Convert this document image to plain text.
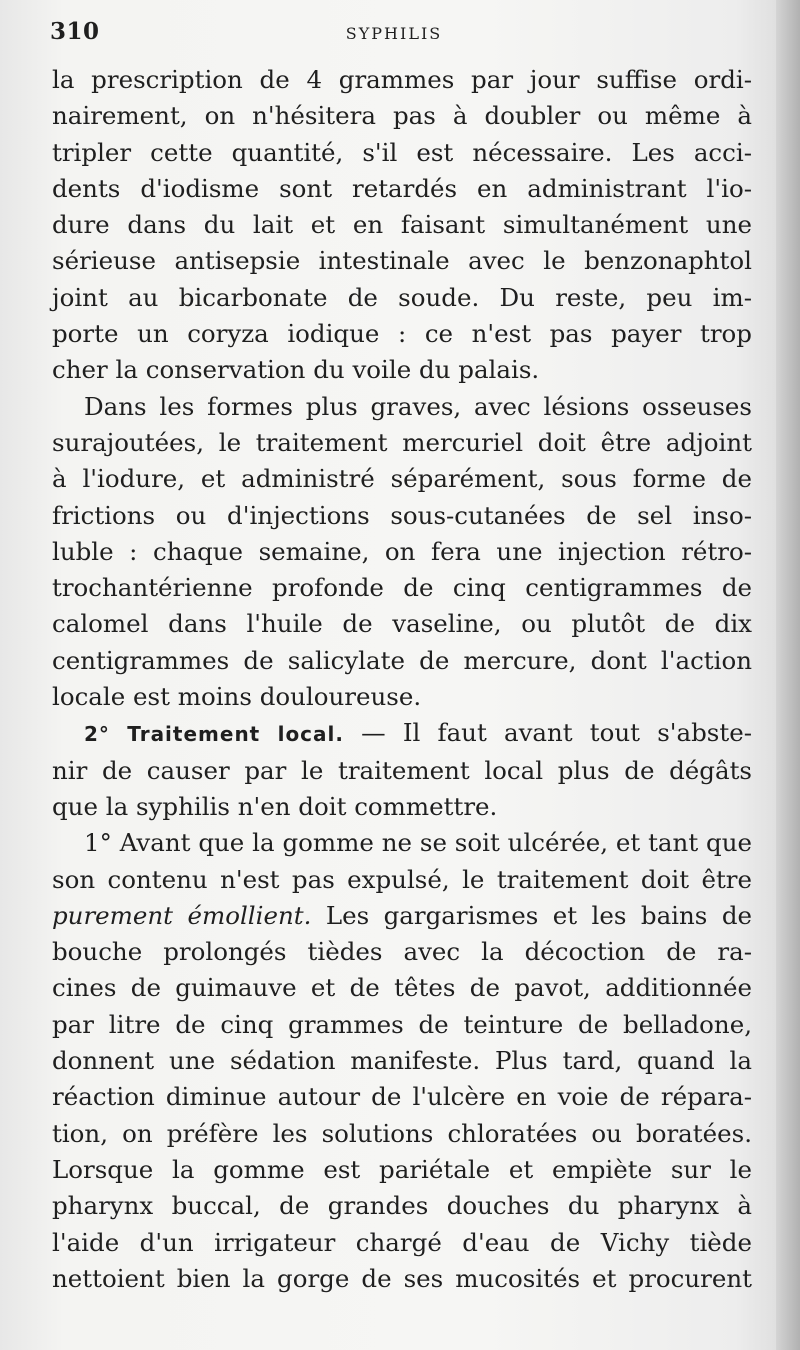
310	SYPHILIS
la prescription de 4 grammes par jour suffise ordi-
nairement, on n'hésitera pas à doubler ou même à
tripler cette quantité, s'il est nécessaire. Les acci-
dents d'iodisme sont retardés en administrant l'io-
dure dans du lait et en faisant simultanément une
sérieuse antisepsie intestinale avec le benzonaphtol
joint au bicarbonate de soude. Du reste, peu im-
porte un coryza iodique : ce n'est pas payer trop
cher la conservation du voile du palais.
Dans les formes plus graves, avec lésions osseuses
surajoutées, le traitement mercuriel doit être adjoint
à l'iodure, et administré séparément, sous forme de
frictions ou d'injections sous-cutanées de sel inso-
luble : chaque semaine, on fera une injection rétro-
trochantérienne profonde de cinq centigrammes de
calomel dans l'huile de vaseline, ou plutôt de dix
centigrammes de salicylate de mercure, dont l'action
locale est moins douloureuse.
2° Traitement local. — Il faut avant tout s'abste-
nir de causer par le traitement local plus de dégâts
que la syphilis n'en doit commettre.
1° Avant que la gomme ne se soit ulcérée, et tant que
son contenu n'est pas expulsé, le traitement doit être
purement émollient. Les gargarismes et les bains de
bouche prolongés tièdes avec la décoction de ra-
cines de guimauve et de têtes de pavot, additionnée
par litre de cinq grammes de teinture de belladone,
donnent une sédation manifeste. Plus tard, quand la
réaction diminue autour de l'ulcère en voie de répara-
tion, on préfère les solutions chloratées ou boratées.
Lorsque la gomme est pariétale et empiète sur le
pharynx buccal, de grandes douches du pharynx à
l'aide d'un irrigateur chargé d'eau de Vichy tiède
nettoient bien la gorge de ses mucosités et procurent
